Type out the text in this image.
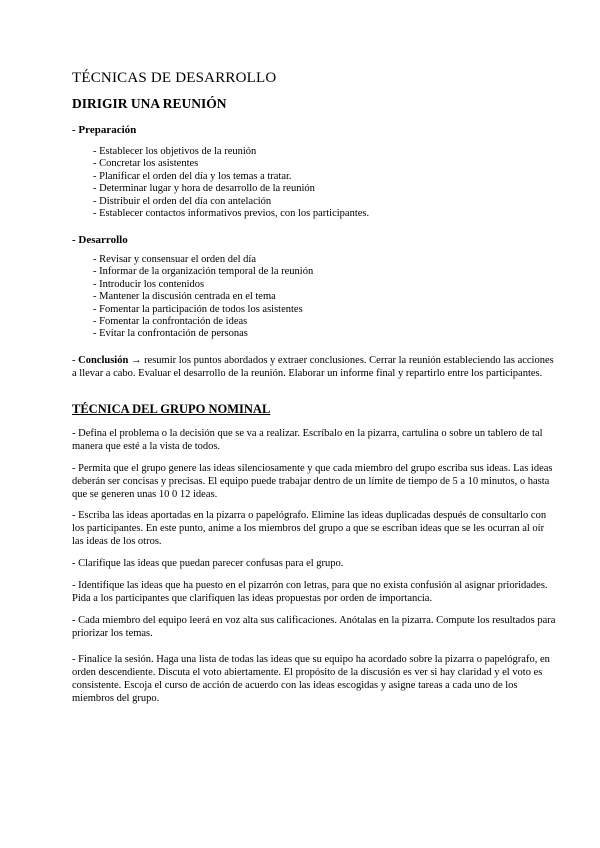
TÉCNICAS DE DESARROLLO
DIRIGIR UNA REUNIÓN

- Preparación

- Establecer los objetivos de la reunión
- Concretar los asistentes
- Planificar el orden del día y los temas a tratar.
- Determinar lugar y hora de desarrollo de la reunión
- Distribuir el orden del día con antelación
- Establecer contactos informativos previos, con los participantes.

- Desarrollo

- Revisar y consensuar el orden del día
- Informar de la organización temporal de la reunión
- Introducir los contenidos
- Mantener la discusión centrada en el tema
- Fomentar la participación de todos los asistentes
- Fomentar la confrontación de ideas
- Evitar la confrontación de personas

- Conclusión → resumir los puntos abordados y extraer conclusiones. Cerrar la reunión estableciendo las acciones a llevar a cabo. Evaluar el desarrollo de la reunión. Elaborar un informe final y repartirlo entre los participantes.

TÉCNICA DEL GRUPO NOMINAL

- Defina el problema o la decisión que se va a realizar. Escríbalo en la pizarra, cartulina o sobre un tablero de tal manera que esté a la vista de todos.

- Permita que el grupo genere las ideas silenciosamente y que cada miembro del grupo escriba sus ideas. Las ideas deberán ser concisas y precisas. El equipo puede trabajar dentro de un límite de tiempo de 5 a 10 minutos, o hasta que se generen unas 10 0 12 ideas.

- Escriba las ideas aportadas en la pizarra o papelógrafo. Elimine las ideas duplicadas después de consultarlo con los participantes. En este punto, anime a los miembros del grupo a que se escriban ideas que se les ocurran al oír las ideas de los otros.

- Clarifique las ideas que puedan parecer confusas para el grupo.

- Identifique las ideas que ha puesto en el pizarrón con letras, para que no exista confusión al asignar prioridades. Pida a los participantes que clarifiquen las ideas propuestas por orden de importancia.

- Cada miembro del equipo leerá en voz alta sus calificaciones. Anótalas en la pizarra. Compute los resultados para priorizar los temas.

- Finalice la sesión. Haga una lista de todas las ideas que su equipo ha acordado sobre la pizarra o papelógrafo, en orden descendiente. Discuta el voto abiertamente. El propósito de la discusión es ver si hay claridad y el voto es consistente. Escoja el curso de acción de acuerdo con las ideas escogidas y asigne tareas a cada uno de los miembros del grupo.
